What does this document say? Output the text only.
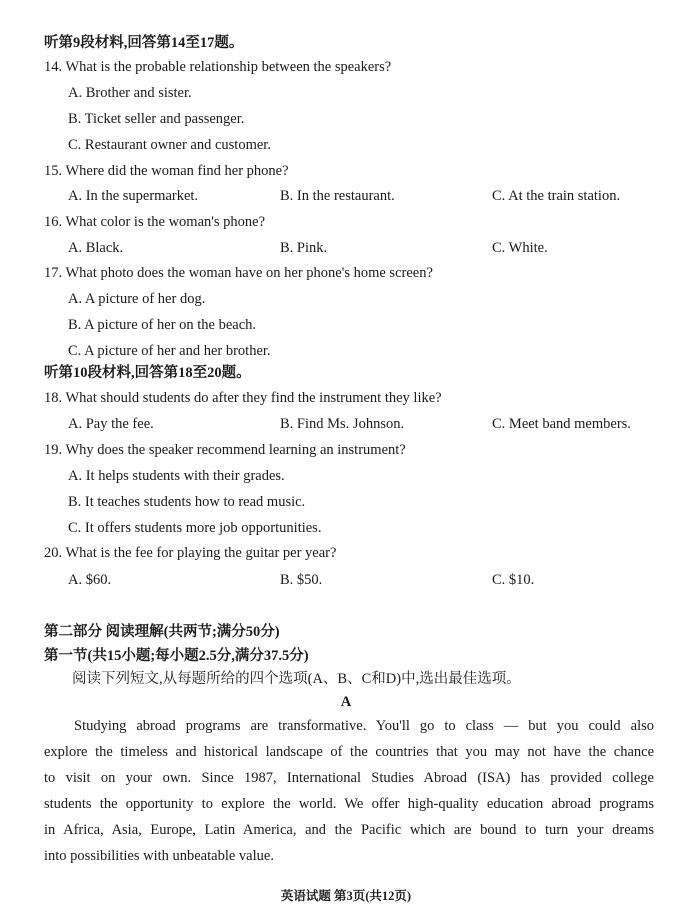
听第9段材料,回答第14至17题。
14. What is the probable relationship between the speakers?
A. Brother and sister.
B. Ticket seller and passenger.
C. Restaurant owner and customer.
15. Where did the woman find her phone?
A. In the supermarket.	B. In the restaurant.	C. At the train station.
16. What color is the woman's phone?
A. Black.	B. Pink.	C. White.
17. What photo does the woman have on her phone's home screen?
A. A picture of her dog.
B. A picture of her on the beach.
C. A picture of her and her brother.
听第10段材料,回答第18至20题。
18. What should students do after they find the instrument they like?
A. Pay the fee.	B. Find Ms. Johnson.	C. Meet band members.
19. Why does the speaker recommend learning an instrument?
A. It helps students with their grades.
B. It teaches students how to read music.
C. It offers students more job opportunities.
20. What is the fee for playing the guitar per year?
A. $60.	B. $50.	C. $10.
第二部分 阅读理解(共两节;满分50分)
第一节(共15小题;每小题2.5分,满分37.5分)
阅读下列短文,从每题所给的四个选项(A、B、C和D)中,选出最佳选项。
A
Studying abroad programs are transformative. You'll go to class — but you could also
explore the timeless and historical landscape of the countries that you may not have the chance
to visit on your own. Since 1987, International Studies Abroad (ISA) has provided college
students the opportunity to explore the world. We offer high-quality education abroad programs
in Africa, Asia, Europe, Latin America, and the Pacific which are bound to turn your dreams
into possibilities with unbeatable value.
英语试题 第3页(共12页)
